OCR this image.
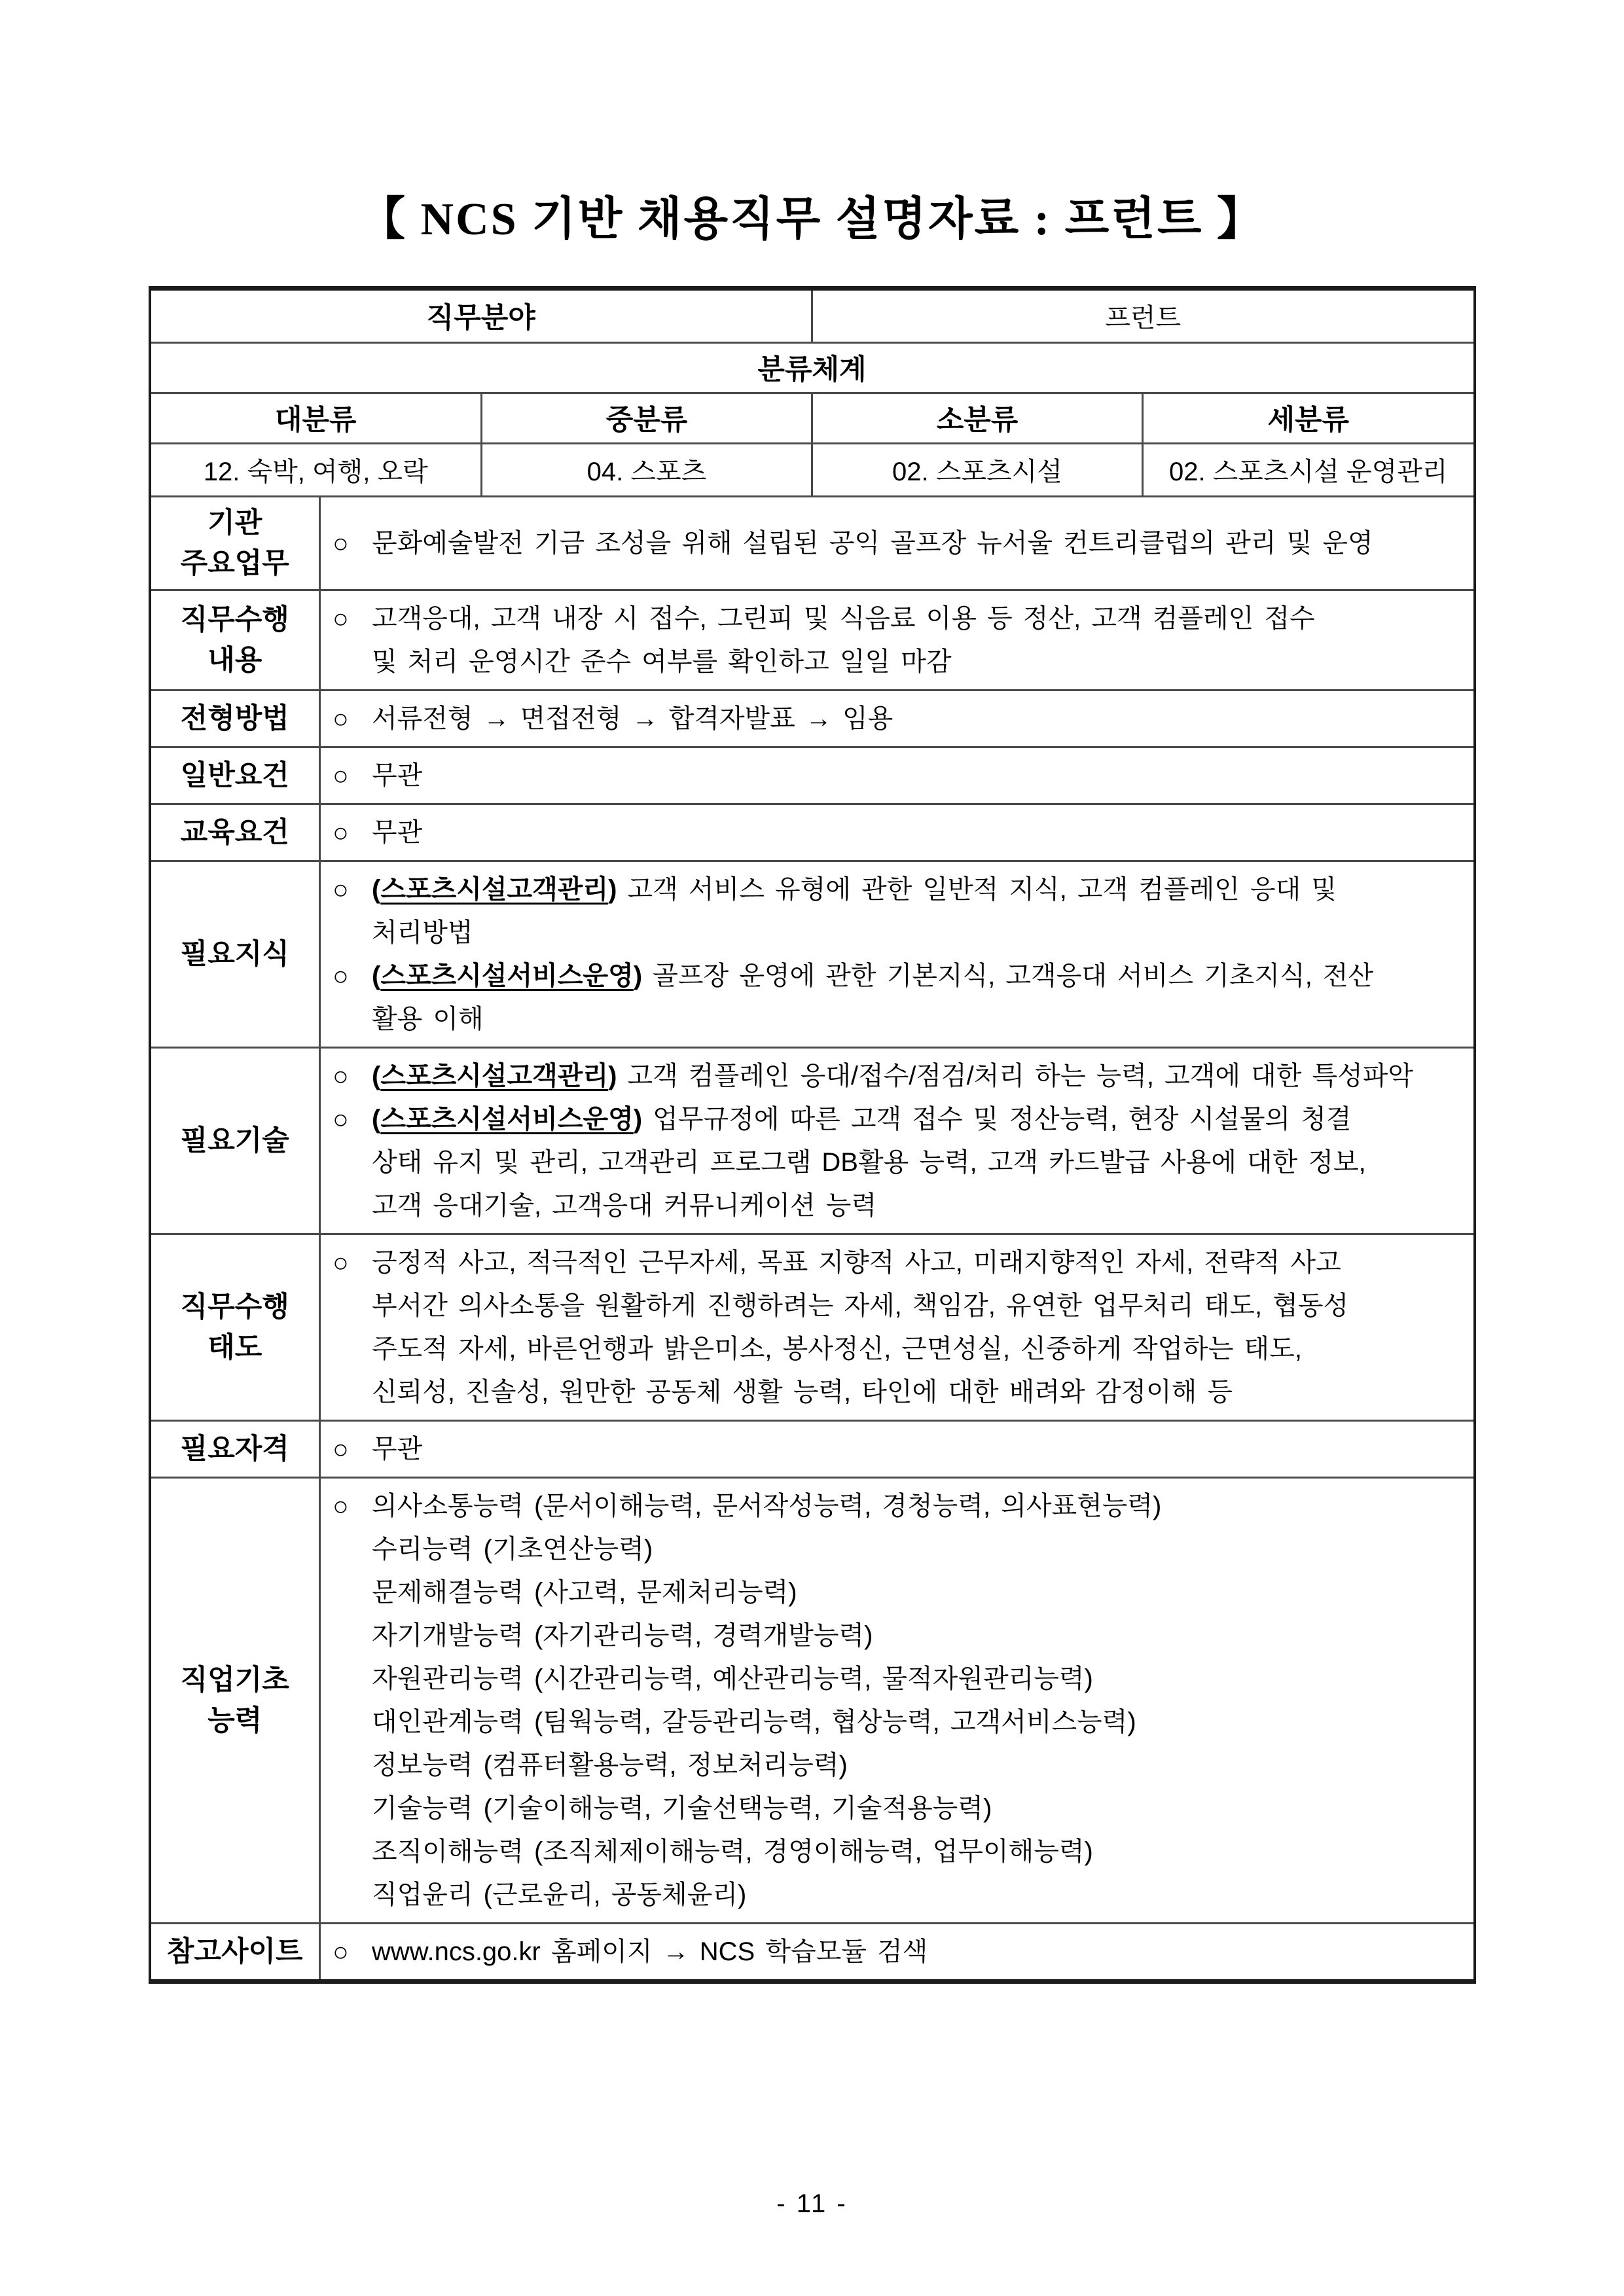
【 NCS 기반 채용직무 설명자료 : 프런트 】
직무분야		프런트	
분류체계			
대분류	중분류	소분류	세분류
12. 숙박, 여행, 오락	04. 스포츠	02. 스포츠시설	02. 스포츠시설 운영관리
기관
주요업무

○ 문화예술발전 기금 조성을 위해 설립된 공익 골프장 뉴서울 컨트리클럽의 관리 및 운영

직무수행
내용

○ 고객응대, 고객 내장 시 접수, 그린피 및 식음료 이용 등 정산, 고객 컴플레인 접수
및 처리 운영시간 준수 여부를 확인하고 일일 마감

전형방법	○ 서류전형 → 면접전형 → 합격자발표 → 임용

일반요건	○ 무관

교육요건	○ 무관

필요지식

○ (스포츠시설고객관리) 고객 서비스 유형에 관한 일반적 지식, 고객 컴플레인 응대 및
처리방법
○ (스포츠시설서비스운영) 골프장 운영에 관한 기본지식, 고객응대 서비스 기초지식, 전산
활용 이해

필요기술

○ (스포츠시설고객관리) 고객 컴플레인 응대/접수/점검/처리 하는 능력, 고객에 대한 특성파악
○ (스포츠시설서비스운영) 업무규정에 따른 고객 접수 및 정산능력, 현장 시설물의 청결
상태 유지 및 관리, 고객관리 프로그램 DB활용 능력, 고객 카드발급 사용에 대한 정보,
고객 응대기술, 고객응대 커뮤니케이션 능력

직무수행
태도

○ 긍정적 사고, 적극적인 근무자세, 목표 지향적 사고, 미래지향적인 자세, 전략적 사고
부서간 의사소통을 원활하게 진행하려는 자세, 책임감, 유연한 업무처리 태도, 협동성
주도적 자세, 바른언행과 밝은미소, 봉사정신, 근면성실, 신중하게 작업하는 태도,
신뢰성, 진솔성, 원만한 공동체 생활 능력, 타인에 대한 배려와 감정이해 등

필요자격	○ 무관

직업기초
능력

○ 의사소통능력 (문서이해능력, 문서작성능력, 경청능력, 의사표현능력)
수리능력 (기초연산능력)
문제해결능력 (사고력, 문제처리능력)
자기개발능력 (자기관리능력, 경력개발능력)
자원관리능력 (시간관리능력, 예산관리능력, 물적자원관리능력)
대인관계능력 (팀웍능력, 갈등관리능력, 협상능력, 고객서비스능력)
정보능력 (컴퓨터활용능력, 정보처리능력)
기술능력 (기술이해능력, 기술선택능력, 기술적용능력)
조직이해능력 (조직체제이해능력, 경영이해능력, 업무이해능력)
직업윤리 (근로윤리, 공동체윤리)

참고사이트	○ www.ncs.go.kr 홈페이지 → NCS 학습모듈 검색
- 11 -
